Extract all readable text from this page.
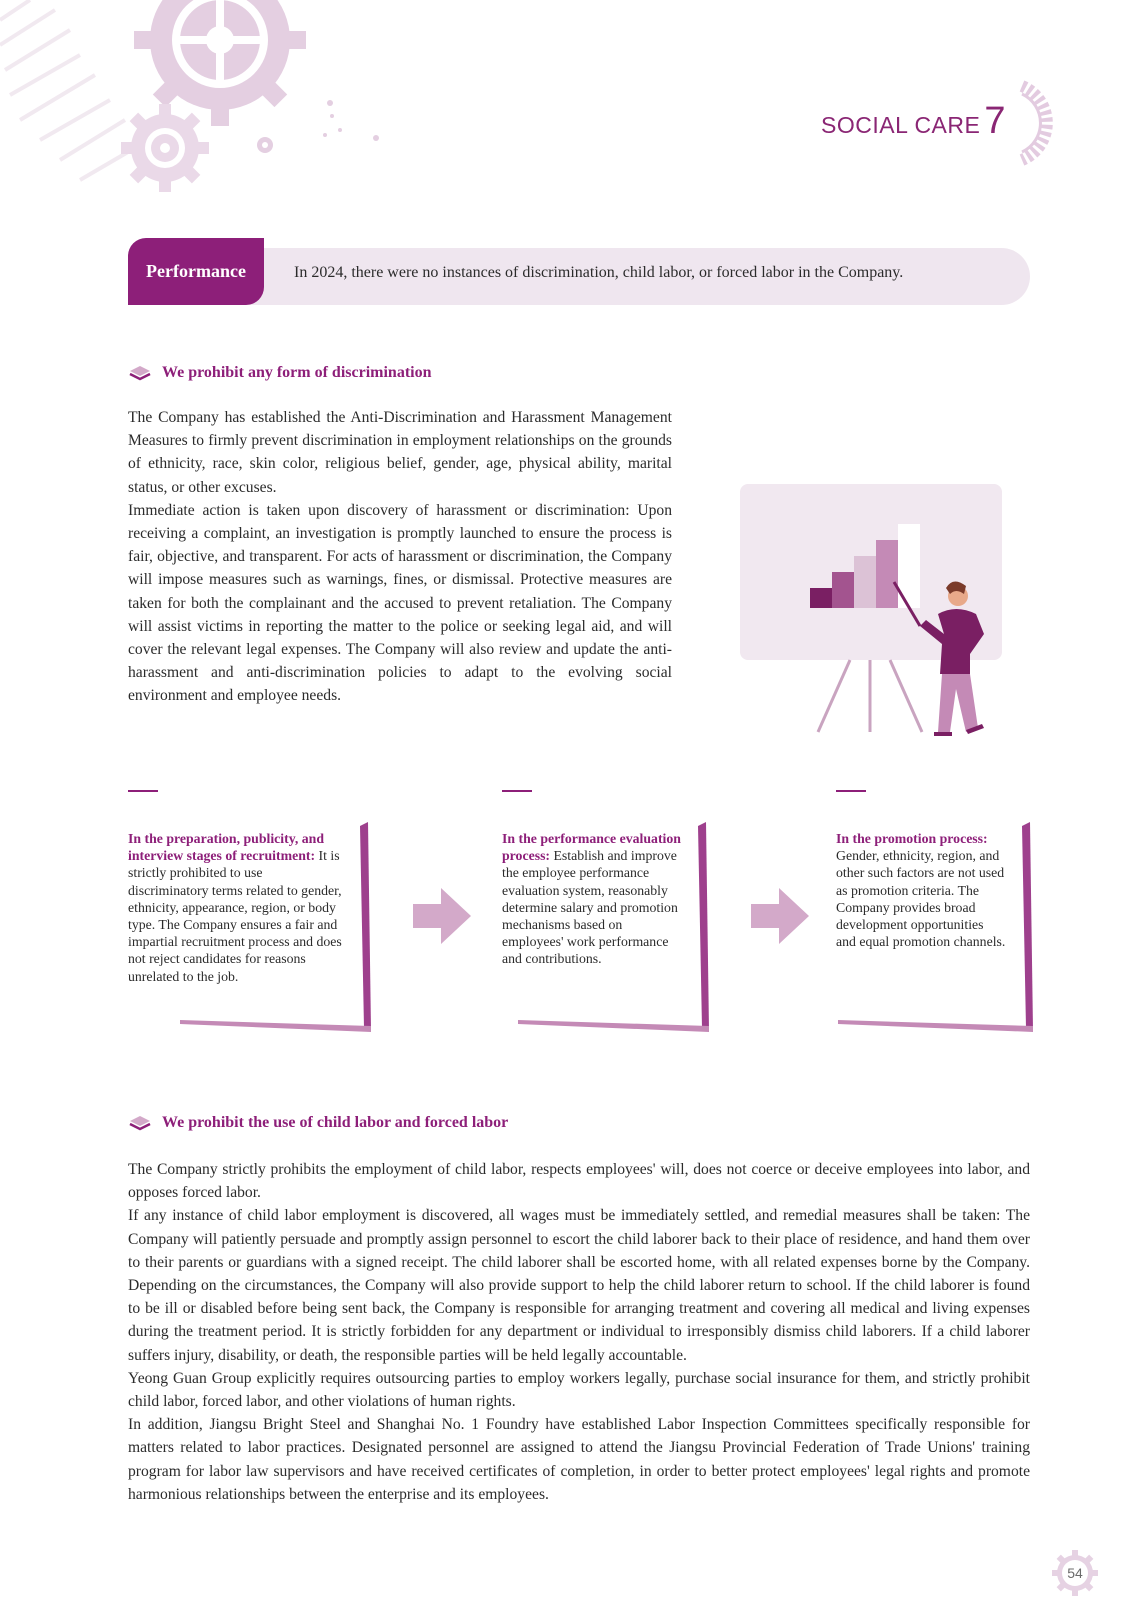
SOCIAL CARE 7
Performance	In 2024, there were no instances of discrimination, child labor, or forced labor in the Company.
We prohibit any form of discrimination

The Company has established the Anti-Discrimination and Harassment Management Measures to firmly prevent discrimination in employment relationships on the grounds of ethnicity, race, skin color, religious belief, gender, age, physical ability, marital status, or other excuses.

Immediate action is taken upon discovery of harassment or discrimination: Upon receiving a complaint, an investigation is promptly launched to ensure the process is fair, objective, and transparent. For acts of harassment or discrimination, the Company will impose measures such as warnings, fines, or dismissal. Protective measures are taken for both the complainant and the accused to prevent retaliation. The Company will assist victims in reporting the matter to the police or seeking legal aid, and will cover the relevant legal expenses. The Company will also review and update the anti-harassment and anti-discrimination policies to adapt to the evolving social environment and employee needs.

In the preparation, publicity, and interview stages of recruitment: It is strictly prohibited to use discriminatory terms related to gender, ethnicity, appearance, region, or body type. The Company ensures a fair and impartial recruitment process and does not reject candidates for reasons unrelated to the job.
In the performance evaluation process: Establish and improve the employee performance evaluation system, reasonably determine salary and promotion mechanisms based on employees' work performance and contributions.
In the promotion process: Gender, ethnicity, region, and other such factors are not used as promotion criteria. The Company provides broad development opportunities and equal promotion channels.
We prohibit the use of child labor and forced labor

The Company strictly prohibits the employment of child labor, respects employees' will, does not coerce or deceive employees into labor, and opposes forced labor.

If any instance of child labor employment is discovered, all wages must be immediately settled, and remedial measures shall be taken: The Company will patiently persuade and promptly assign personnel to escort the child laborer back to their place of residence, and hand them over to their parents or guardians with a signed receipt. The child laborer shall be escorted home, with all related expenses borne by the Company. Depending on the circumstances, the Company will also provide support to help the child laborer return to school. If the child laborer is found to be ill or disabled before being sent back, the Company is responsible for arranging treatment and covering all medical and living expenses during the treatment period. It is strictly forbidden for any department or individual to irresponsibly dismiss child laborers. If a child laborer suffers injury, disability, or death, the responsible parties will be held legally accountable.

Yeong Guan Group explicitly requires outsourcing parties to employ workers legally, purchase social insurance for them, and strictly prohibit child labor, forced labor, and other violations of human rights.

In addition, Jiangsu Bright Steel and Shanghai No. 1 Foundry have established Labor Inspection Committees specifically responsible for matters related to labor practices. Designated personnel are assigned to attend the Jiangsu Provincial Federation of Trade Unions' training program for labor law supervisors and have received certificates of completion, in order to better protect employees' legal rights and promote harmonious relationships between the enterprise and its employees.

54
